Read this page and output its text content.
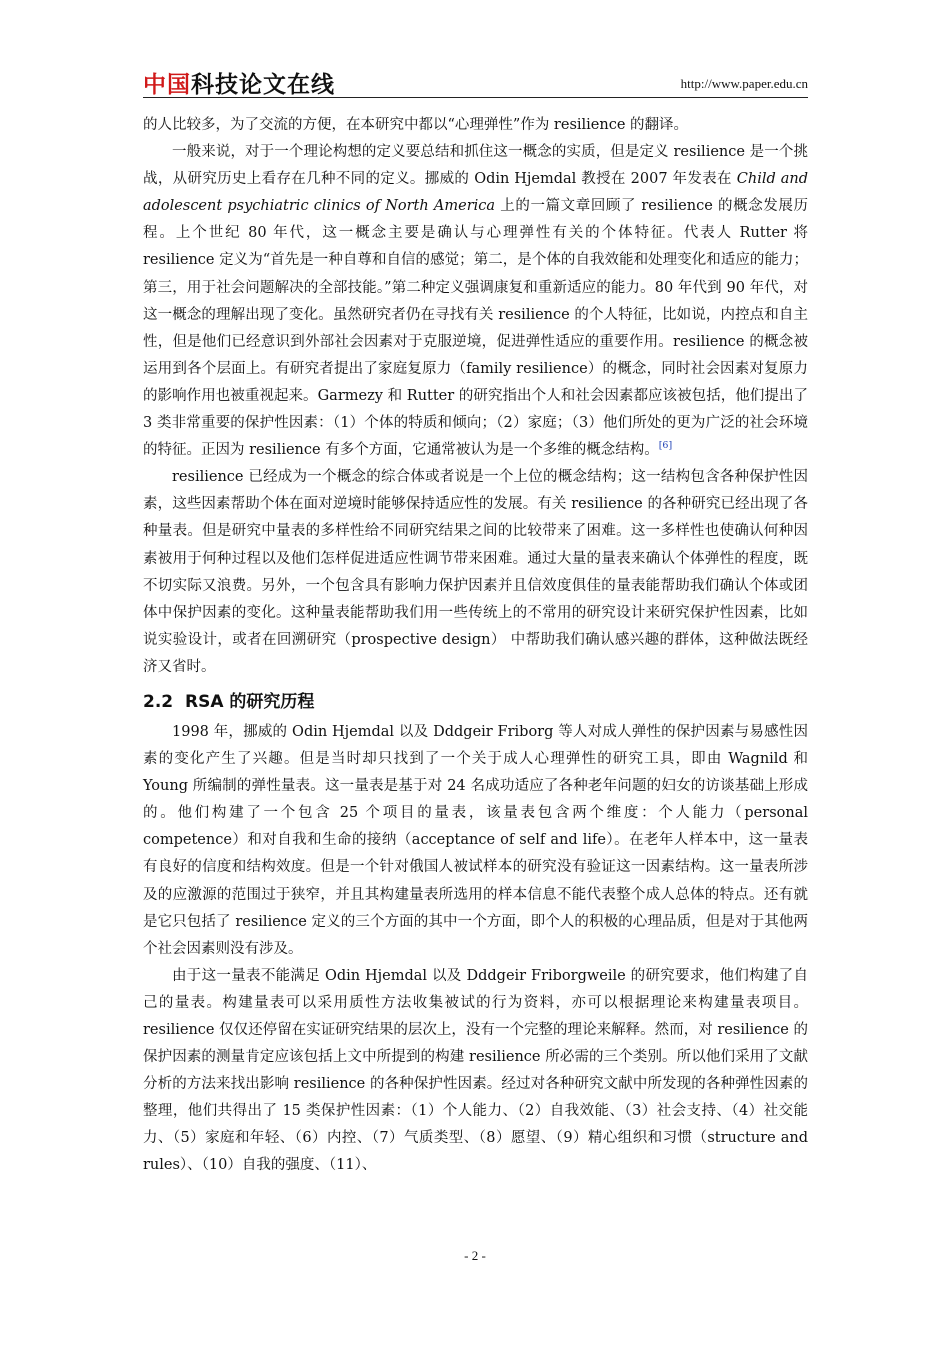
中国科技论文在线	http://www.paper.edu.cn

的人比较多，为了交流的方便，在本研究中都以“心理弹性”作为 resilience 的翻译。

一般来说，对于一个理论构想的定义要总结和抓住这一概念的实质，但是定义 resilience 是一个挑战，从研究历史上看存在几种不同的定义。挪威的 Odin Hjemdal 教授在 2007 年发表在 Child and adolescent psychiatric clinics of North America 上的一篇文章回顾了 resilience 的概念发展历程。上个世纪 80 年代，这一概念主要是确认与心理弹性有关的个体特征。代表人 Rutter 将 resilience 定义为“首先是一种自尊和自信的感觉；第二，是个体的自我效能和处理变化和适应的能力；第三，用于社会问题解决的全部技能。”第二种定义强调康复和重新适应的能力。80 年代到 90 年代，对这一概念的理解出现了变化。虽然研究者仍在寻找有关 resilience 的个人特征，比如说，内控点和自主性，但是他们已经意识到外部社会因素对于克服逆境，促进弹性适应的重要作用。resilience 的概念被运用到各个层面上。有研究者提出了家庭复原力（family resilience）的概念，同时社会因素对复原力的影响作用也被重视起来。Garmezy 和 Rutter 的研究指出个人和社会因素都应该被包括，他们提出了 3 类非常重要的保护性因素：（1）个体的特质和倾向；（2）家庭；（3）他们所处的更为广泛的社会环境的特征。正因为 resilience 有多个方面，它通常被认为是一个多维的概念结构。[6]

resilience 已经成为一个概念的综合体或者说是一个上位的概念结构；这一结构包含各种保护性因素，这些因素帮助个体在面对逆境时能够保持适应性的发展。有关 resilience 的各种研究已经出现了各种量表。但是研究中量表的多样性给不同研究结果之间的比较带来了困难。这一多样性也使确认何种因素被用于何种过程以及他们怎样促进适应性调节带来困难。通过大量的量表来确认个体弹性的程度，既不切实际又浪费。另外，一个包含具有影响力保护因素并且信效度俱佳的量表能帮助我们确认个体或团体中保护因素的变化。这种量表能帮助我们用一些传统上的不常用的研究设计来研究保护性因素，比如说实验设计，或者在回溯研究（prospective design） 中帮助我们确认感兴趣的群体，这种做法既经济又省时。

2.2 RSA 的研究历程

1998 年，挪威的 Odin Hjemdal 以及 Dddgeir Friborg 等人对成人弹性的保护因素与易感性因素的变化产生了兴趣。但是当时却只找到了一个关于成人心理弹性的研究工具，即由 Wagnild 和 Young 所编制的弹性量表。这一量表是基于对 24 名成功适应了各种老年问题的妇女的访谈基础上形成的。他们构建了一个包含 25 个项目的量表，该量表包含两个维度：个人能力（personal competence）和对自我和生命的接纳（acceptance of self and life）。在老年人样本中，这一量表有良好的信度和结构效度。但是一个针对俄国人被试样本的研究没有验证这一因素结构。这一量表所涉及的应激源的范围过于狭窄，并且其构建量表所选用的样本信息不能代表整个成人总体的特点。还有就是它只包括了 resilience 定义的三个方面的其中一个方面，即个人的积极的心理品质，但是对于其他两个社会因素则没有涉及。

由于这一量表不能满足 Odin Hjemdal 以及 Dddgeir Friborgweile 的研究要求，他们构建了自己的量表。构建量表可以采用质性方法收集被试的行为资料，亦可以根据理论来构建量表项目。resilience 仅仅还停留在实证研究结果的层次上，没有一个完整的理论来解释。然而，对 resilience 的保护因素的测量肯定应该包括上文中所提到的构建 resilience 所必需的三个类别。所以他们采用了文献分析的方法来找出影响 resilience 的各种保护性因素。经过对各种研究文献中所发现的各种弹性因素的整理，他们共得出了 15 类保护性因素：（1）个人能力、（2）自我效能、（3）社会支持、（4）社交能力、（5）家庭和年轻、（6）内控、（7）气质类型、（8）愿望、（9）精心组织和习惯（structure and rules）、（10）自我的强度、（11）、

- 2 -
